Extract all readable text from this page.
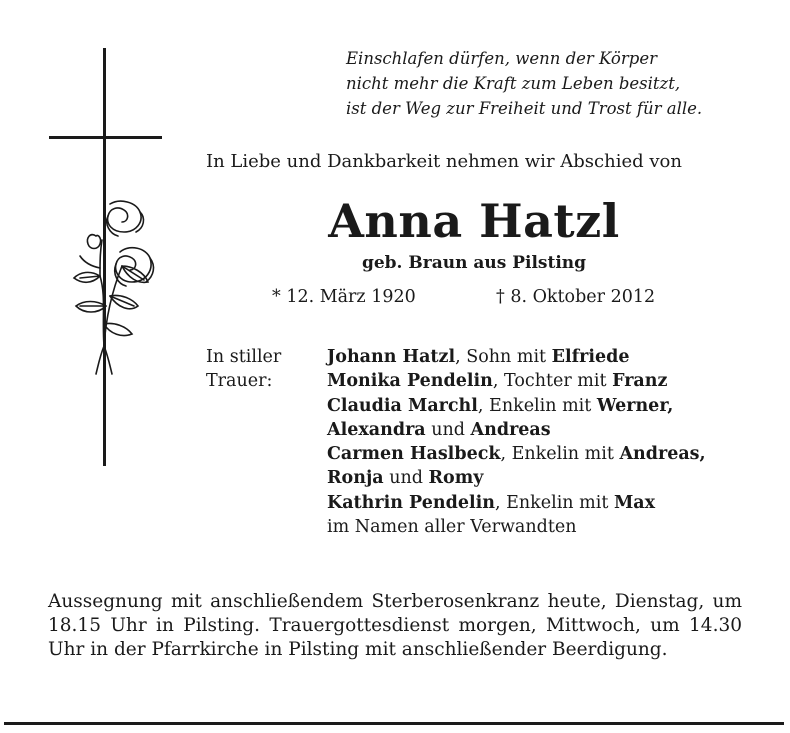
Einschlafen dürfen, wenn der Körper
nicht mehr die Kraft zum Leben besitzt,
ist der Weg zur Freiheit und Trost für alle.
In Liebe und Dankbarkeit nehmen wir Abschied von
Anna Hatzl
geb. Braun aus Pilsting
* 12. März 1920	† 8. Oktober 2012
In stiller
Trauer:
Johann Hatzl, Sohn mit Elfriede
Monika Pendelin, Tochter mit Franz
Claudia Marchl, Enkelin mit Werner,
Alexandra und Andreas
Carmen Haslbeck, Enkelin mit Andreas,
Ronja und Romy
Kathrin Pendelin, Enkelin mit Max
im Namen aller Verwandten
Aussegnung mit anschließendem Sterberosenkranz heute, Dienstag, um 18.15 Uhr in Pilsting. Trauergottesdienst morgen, Mittwoch, um 14.30 Uhr in der Pfarrkirche in Pilsting mit anschließender Beerdigung.
